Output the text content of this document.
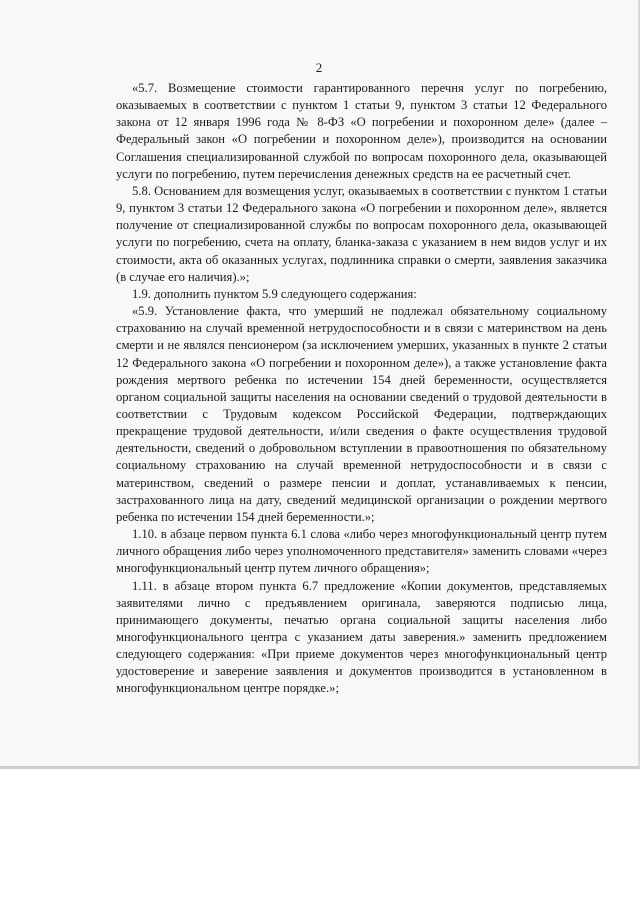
2

«5.7. Возмещение стоимости гарантированного перечня услуг по погребению, оказываемых в соответствии с пунктом 1 статьи 9, пунктом 3 статьи 12 Федерального закона от 12 января 1996 года № 8-ФЗ «О погребении и похоронном деле» (далее – Федеральный закон «О погребении и похоронном деле»), производится на основании Соглашения специализированной службой по вопросам похоронного дела, оказывающей услуги по погребению, путем перечисления денежных средств на ее расчетный счет.

5.8. Основанием для возмещения услуг, оказываемых в соответствии с пунктом 1 статьи 9, пунктом 3 статьи 12 Федерального закона «О погребении и похоронном деле», является получение от специализированной службы по вопросам похоронного дела, оказывающей услуги по погребению, счета на оплату, бланка-заказа с указанием в нем видов услуг и их стоимости, акта об оказанных услугах, подлинника справки о смерти, заявления заказчика (в случае его наличия).»;

1.9. дополнить пунктом 5.9 следующего содержания:

«5.9. Установление факта, что умерший не подлежал обязательному социальному страхованию на случай временной нетрудоспособности и в связи с материнством на день смерти и не являлся пенсионером (за исключением умерших, указанных в пункте 2 статьи 12 Федерального закона «О погребении и похоронном деле»), а также установление факта рождения мертвого ребенка по истечении 154 дней беременности, осуществляется органом социальной защиты населения на основании сведений о трудовой деятельности в соответствии с Трудовым кодексом Российской Федерации, подтверждающих прекращение трудовой деятельности, и/или сведения о факте осуществления трудовой деятельности, сведений о добровольном вступлении в правоотношения по обязательному социальному страхованию на случай временной нетрудоспособности и в связи с материнством, сведений о размере пенсии и доплат, устанавливаемых к пенсии, застрахованного лица на дату, сведений медицинской организации о рождении мертвого ребенка по истечении 154 дней беременности.»;

1.10. в абзаце первом пункта 6.1 слова «либо через многофункциональный центр путем личного обращения либо через уполномоченного представителя» заменить словами «через многофункциональный центр путем личного обращения»;

1.11. в абзаце втором пункта 6.7 предложение «Копии документов, представляемых заявителями лично с предъявлением оригинала, заверяются подписью лица, принимающего документы, печатью органа социальной защиты населения либо многофункционального центра с указанием даты заверения.» заменить предложением следующего содержания: «При приеме документов через многофункциональный центр удостоверение и заверение заявления и документов производится в установленном в многофункциональном центре порядке.»;
